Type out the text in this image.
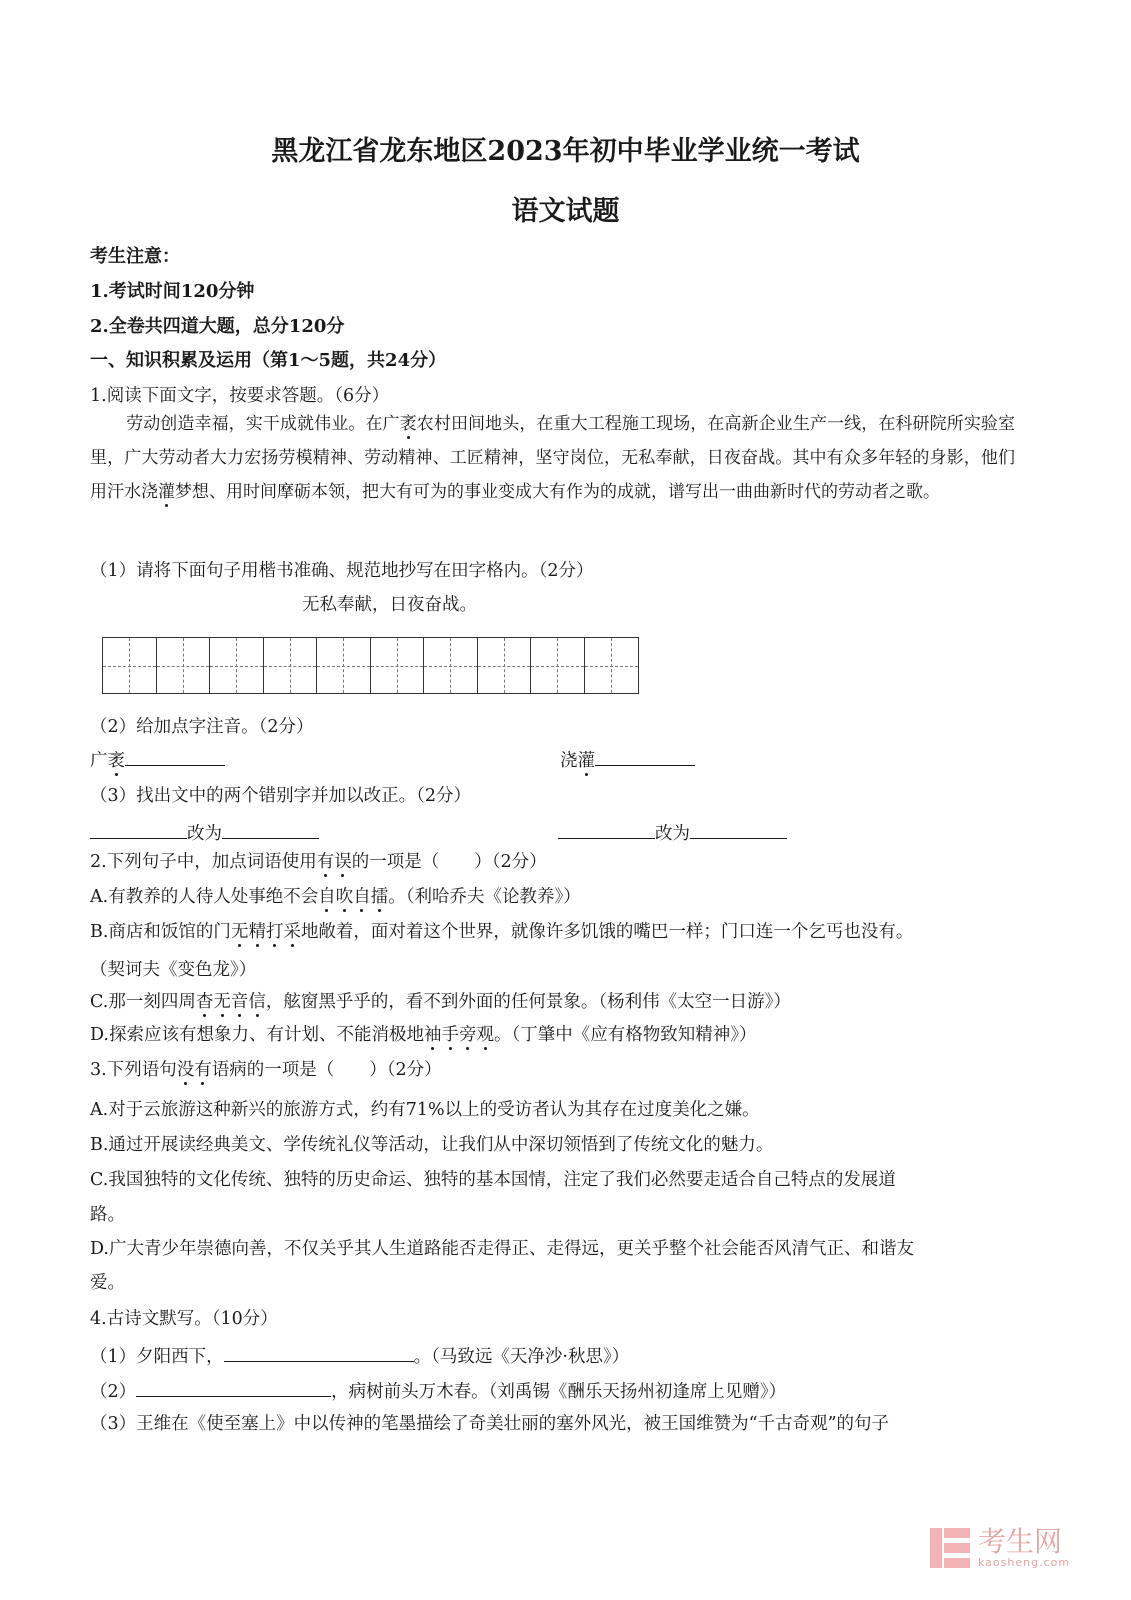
黑龙江省龙东地区2023年初中毕业学业统一考试
语文试题
考生注意：
1.考试时间120分钟
2.全卷共四道大题，总分120分
一、知识积累及运用（第1～5题，共24分）
1.阅读下面文字，按要求答题。（6分）
劳动创造幸福，实干成就伟业。在广袤农村田间地头，在重大工程施工现场，在高新企业生产一线，在科研院所实验室里，广大劳动者大力宏扬劳模精神、劳动精神、工匠精神，坚守岗位，无私奉献，日夜奋战。其中有众多年轻的身影，他们用汗水浇灌梦想、用时间摩砺本领，把大有可为的事业变成大有作为的成就，谱写出一曲曲新时代的劳动者之歌。
（1）请将下面句子用楷书准确、规范地抄写在田字格内。（2分）
无私奉献，日夜奋战。
（2）给加点字注音。（2分）
广袤	浇灌
（3）找出文中的两个错别字并加以改正。（2分）
改为	改为
2.下列句子中，加点词语使用有误的一项是（　　）（2分）
A.有教养的人待人处事绝不会自吹自擂。（利哈乔夫《论教养》）
B.商店和饭馆的门无精打采地敞着，面对着这个世界，就像许多饥饿的嘴巴一样；门口连一个乞丐也没有。
（契诃夫《变色龙》）
C.那一刻四周杳无音信，舷窗黑乎乎的，看不到外面的任何景象。（杨利伟《太空一日游》）
D.探索应该有想象力、有计划、不能消极地袖手旁观。（丁肇中《应有格物致知精神》）
3.下列语句没有语病的一项是（　　）（2分）
A.对于云旅游这种新兴的旅游方式，约有71%以上的受访者认为其存在过度美化之嫌。
B.通过开展读经典美文、学传统礼仪等活动，让我们从中深切领悟到了传统文化的魅力。
C.我国独特的文化传统、独特的历史命运、独特的基本国情，注定了我们必然要走适合自己特点的发展道
路。
D.广大青少年崇德向善，不仅关乎其人生道路能否走得正、走得远，更关乎整个社会能否风清气正、和谐友
爱。
4.古诗文默写。（10分）
（1）夕阳西下，	。（马致远《天净沙·秋思》）
（2）	，病树前头万木春。（刘禹锡《酬乐天扬州初逢席上见赠》）
（3）王维在《使至塞上》中以传神的笔墨描绘了奇美壮丽的塞外风光，被王国维赞为“千古奇观”的句子
考生网
kaosheng.com
